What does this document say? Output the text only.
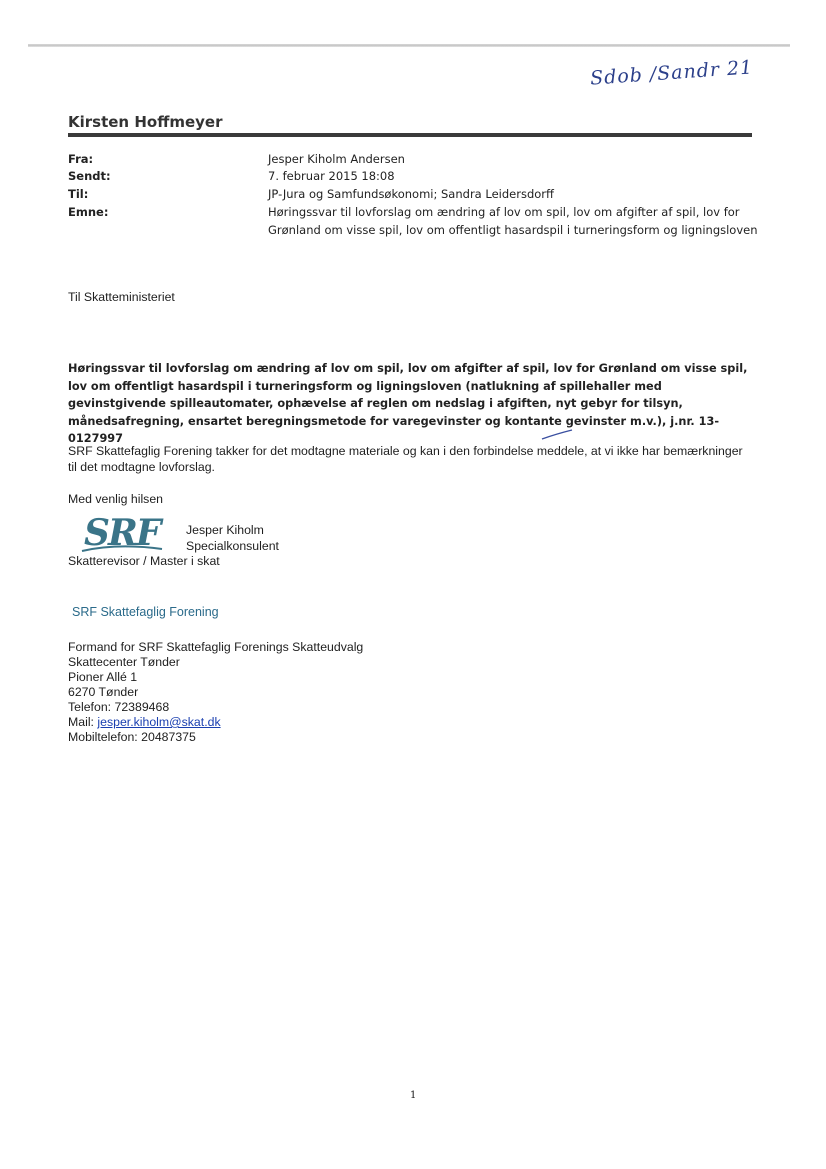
Sdob /Sandr 21
Kirsten Hoffmeyer
Fra:	Jesper Kiholm Andersen
Sendt:	7. februar 2015 18:08
Til:	JP-Jura og Samfundsøkonomi; Sandra Leidersdorff
Emne:	Høringssvar til lovforslag om ændring af lov om spil, lov om afgifter af spil, lov for Grønland om visse spil, lov om offentligt hasardspil i turneringsform og ligningsloven
Til Skatteministeriet
Høringssvar til lovforslag om ændring af lov om spil, lov om afgifter af spil, lov for Grønland om visse spil, lov om offentligt hasardspil i turneringsform og ligningsloven (natlukning af spillehaller med gevinstgivende spilleautomater, ophævelse af reglen om nedslag i afgiften, nyt gebyr for tilsyn, månedsafregning, ensartet beregningsmetode for varegevinster og kontante gevinster m.v.), j.nr. 13-0127997
SRF Skattefaglig Forening takker for det modtagne materiale og kan i den forbindelse meddele, at vi ikke har bemærkninger til det modtagne lovforslag.
Med venlig hilsen
SRF	Jesper Kiholm
Specialkonsulent
Skatterevisor / Master i skat
SRF Skattefaglig Forening
Formand for SRF Skattefaglig Forenings Skatteudvalg
Skattecenter Tønder
Pioner Allé 1
6270 Tønder
Telefon: 72389468
Mail: jesper.kiholm@skat.dk
Mobiltelefon: 20487375
1
